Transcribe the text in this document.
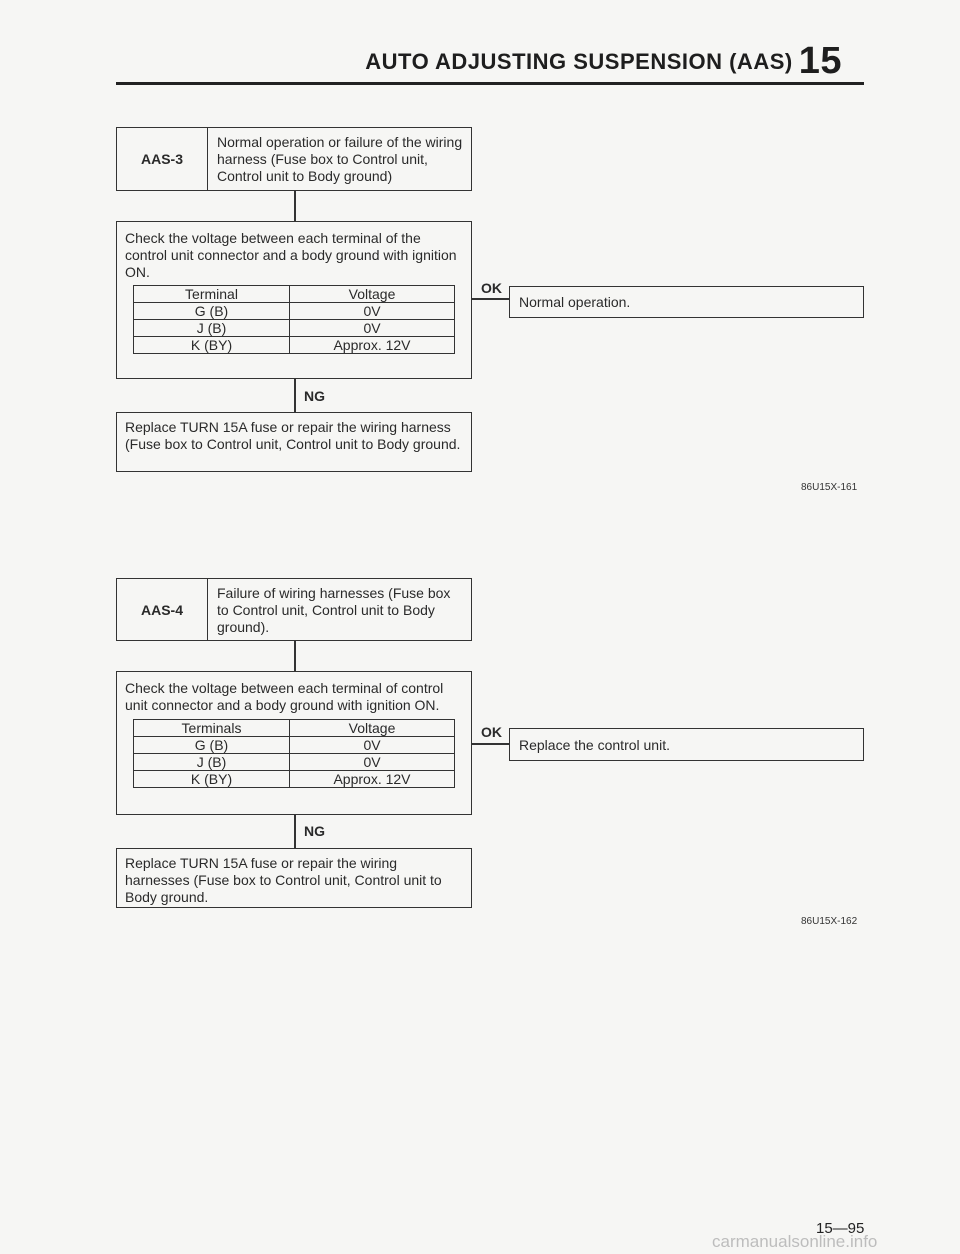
AUTO ADJUSTING SUSPENSION (AAS) 15
AAS-3
Normal operation or failure of the wiring harness (Fuse box to Control unit, Control unit to Body ground)
Check the voltage between each terminal of the control unit connector and a body ground with ignition ON.
Terminal	Voltage
G (B)	0V
J (B)	0V
K (BY)	Approx. 12V
OK
Normal operation.
NG
Replace TURN 15A fuse or repair the wiring harness (Fuse box to Control unit, Control unit to Body ground.
86U15X-161
AAS-4
Failure of wiring harnesses (Fuse box to Control unit, Control unit to Body ground).
Check the voltage between each terminal of control unit connector and a body ground with ignition ON.
Terminals	Voltage
G (B)	0V
J (B)	0V
K (BY)	Approx. 12V
OK
Replace the control unit.
NG
Replace TURN 15A fuse or repair the wiring harnesses (Fuse box to Control unit, Control unit to Body ground.
86U15X-162
15—95
carmanualsonline.info
